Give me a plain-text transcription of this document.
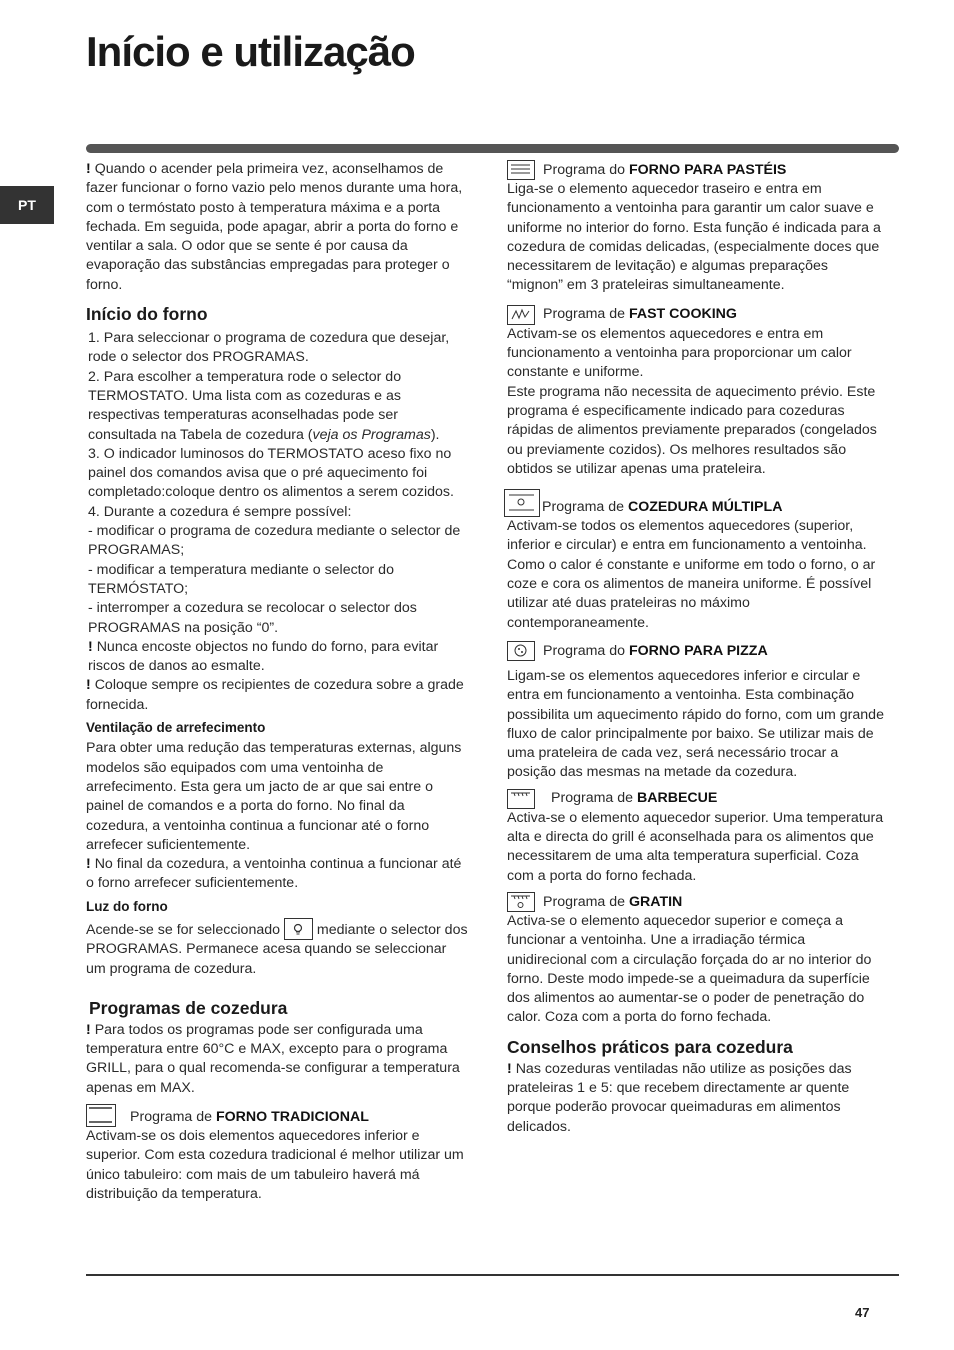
Início e utilização
PT

! Quando o acender pela primeira vez, aconselhamos de fazer funcionar o forno vazio pelo menos durante uma hora, com o termóstato posto à temperatura máxima e a porta fechada. Em seguida, pode apagar, abrir a porta do forno e ventilar a sala. O odor que se sente é por causa da evaporação das substâncias empregadas para proteger o forno.

Início do forno

1. Para seleccionar o programa de cozedura que desejar, rode o selector dos PROGRAMAS.

2. Para escolher a temperatura rode o selector do TERMOSTATO. Uma lista com as cozeduras e as respectivas temperaturas aconselhadas pode ser consultada na Tabela de cozedura (veja os Programas).

3. O indicador luminosos do TERMOSTATO aceso fixo no painel dos comandos avisa que o pré aquecimento foi completado:coloque dentro os alimentos a serem cozidos.

4. Durante a cozedura é sempre possível:

- modificar o programa de cozedura mediante o selector de PROGRAMAS;

- modificar a temperatura mediante o selector do TERMÓSTATO;

- interromper a cozedura se recolocar o selector dos PROGRAMAS na posição “0”.

! Nunca encoste objectos no fundo do forno, para evitar riscos de danos ao esmalte.

! Coloque sempre os recipientes de cozedura sobre a grade fornecida.

Ventilação de arrefecimento

Para obter uma redução das temperaturas externas, alguns modelos são equipados com uma ventoinha de arrefecimento. Esta gera um jacto de ar que sai entre o painel de comandos e a porta do forno. No final da cozedura, a ventoinha continua a funcionar até o forno arrefecer suficientemente.

! No final da cozedura, a ventoinha continua a funcionar até o forno arrefecer suficientemente.

Luz do forno

Acende-se se for seleccionado	mediante o selector dos PROGRAMAS. Permanece acesa quando se seleccionar um programa de cozedura.

Programas de cozedura

! Para todos os programas pode ser configurada uma temperatura entre 60°C e MAX, excepto para o programa GRILL, para o qual recomenda-se configurar a temperatura apenas em MAX.

Programa de FORNO TRADICIONAL

Activam-se os dois elementos aquecedores inferior e superior. Com esta cozedura tradicional é melhor utilizar um único tabuleiro: com mais de um tabuleiro haverá má distribuição da temperatura.

Programa do FORNO PARA PASTÉIS

Liga-se o elemento aquecedor traseiro e entra em funcionamento a ventoinha para garantir um calor suave e uniforme no interior do forno. Esta função é indicada para a cozedura de comidas delicadas, (especialmente doces que necessitarem de levitação) e algumas preparações “mignon” em 3 prateleiras simultaneamente.

Programa de FAST COOKING

Activam-se os elementos aquecedores e entra em funcionamento a ventoinha para proporcionar um calor constante e uniforme.

Este programa não necessita de aquecimento prévio. Este programa é especificamente indicado para cozeduras rápidas de alimentos previamente preparados (congelados ou previamente cozidos). Os melhores resultados são obtidos se utilizar apenas uma prateleira.

Programa de COZEDURA MÚLTIPLA

Activam-se todos os elementos aquecedores (superior, inferior e circular) e entra em funcionamento a ventoinha. Como o calor é constante e uniforme em todo o forno, o ar coze e cora os alimentos de maneira uniforme. É possível utilizar até duas prateleiras no máximo contemporaneamente.

Programa do FORNO PARA PIZZA

Ligam-se os elementos aquecedores inferior e circular e entra em funcionamento a ventoinha. Esta combinação possibilita um aquecimento rápido do forno, com um grande fluxo de calor principalmente por baixo. Se utilizar mais de uma prateleira de cada vez, será necessário trocar a posição das mesmas na metade da cozedura.

Programa de BARBECUE

Activa-se o elemento aquecedor superior. Uma temperatura alta e directa do grill é aconselhada para os alimentos que necessitarem de uma alta temperatura superficial. Coza com a porta do forno fechada.

Programa de GRATIN

Activa-se o elemento aquecedor superior e começa a funcionar a ventoinha. Une a irradiação térmica unidirecional com a circulação forçada do ar no interior do forno. Deste modo impede-se a queimadura da superfície dos alimentos ao aumentar-se o poder de penetração do calor. Coza com a porta do forno fechada.

Conselhos práticos para cozedura

! Nas cozeduras ventiladas não utilize as posições das prateleiras 1 e 5: que recebem directamente ar quente porque poderão provocar queimaduras em alimentos delicados.

47
